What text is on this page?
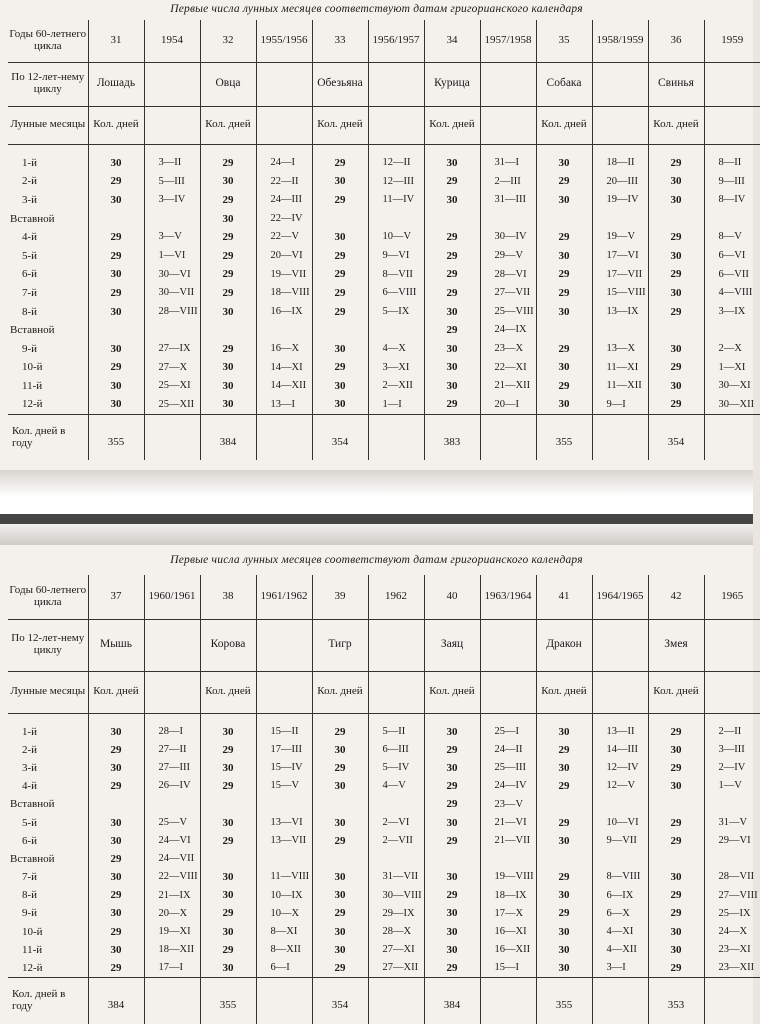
Первые числа лунных месяцев соответствуют датам григорианского календаря
Годы 60-летнего цикла	31	1954	32	1955/1956	33	1956/1957	34	1957/1958	35	1958/1959	36	1959
По 12-лет-нему циклу	Лошадь		Овца		Обезьяна		Курица		Собака		Свинья	
Лунные месяцы	Кол. дней		Кол. дней		Кол. дней		Кол. дней		Кол. дней		Кол. дней	

1-й	30	3—II	29	24—I	29	12—II	30	31—I	30	18—II	29	8—II
2-й	29	5—III	30	22—II	30	12—III	29	2—III	29	20—III	30	9—III
3-й	30	3—IV	29	24—III	29	11—IV	30	31—III	30	19—IV	30	8—IV
Вставной			30	22—IV								
4-й	29	3—V	29	22—V	30	10—V	29	30—IV	29	19—V	29	8—V
5-й	29	1—VI	29	20—VI	29	9—VI	29	29—V	30	17—VI	30	6—VI
6-й	30	30—VI	29	19—VII	29	8—VII	29	28—VI	29	17—VII	29	6—VII
7-й	29	30—VII	29	18—VIII	29	6—VIII	29	27—VII	29	15—VIII	30	4—VIII
8-й	30	28—VIII	30	16—IX	29	5—IX	30	25—VIII	30	13—IX	29	3—IX
Вставной							29	24—IX				
9-й	30	27—IX	29	16—X	30	4—X	30	23—X	29	13—X	30	2—X
10-й	29	27—X	30	14—XI	29	3—XI	30	22—XI	30	11—XI	29	1—XI
11-й	30	25—XI	30	14—XII	30	2—XII	30	21—XII	29	11—XII	30	30—XI
12-й	30	25—XII	30	13—I	30	1—I	29	20—I	30	9—I	29	30—XII
Кол. дней в году	355		384		354		383		355		354	
Первые числа лунных месяцев соответствуют датам григорианского календаря
Годы 60-летнего цикла	37	1960/1961	38	1961/1962	39	1962	40	1963/1964	41	1964/1965	42	1965
По 12-лет-нему циклу	Мышь		Корова		Тигр		Заяц		Дракон		Змея	
Лунные месяцы	Кол. дней		Кол. дней		Кол. дней		Кол. дней		Кол. дней		Кол. дней	

1-й	30	28—I	30	15—II	29	5—II	30	25—I	30	13—II	29	2—II
2-й	29	27—II	29	17—III	30	6—III	29	24—II	29	14—III	30	3—III
3-й	30	27—III	30	15—IV	29	5—IV	30	25—III	30	12—IV	29	2—IV
4-й	29	26—IV	29	15—V	30	4—V	29	24—IV	29	12—V	30	1—V
Вставной							29	23—V				
5-й	30	25—V	30	13—VI	30	2—VI	30	21—VI	29	10—VI	29	31—V
6-й	30	24—VI	29	13—VII	29	2—VII	29	21—VII	30	9—VII	29	29—VI
Вставной	29	24—VII										
7-й	30	22—VIII	30	11—VIII	30	31—VII	30	19—VIII	29	8—VIII	30	28—VII
8-й	29	21—IX	30	10—IX	30	30—VIII	29	18—IX	30	6—IX	29	27—VIII
9-й	30	20—X	29	10—X	29	29—IX	30	17—X	29	6—X	29	25—IX
10-й	29	19—XI	30	8—XI	30	28—X	30	16—XI	30	4—XI	30	24—X
11-й	30	18—XII	29	8—XII	30	27—XI	30	16—XII	30	4—XII	30	23—XI
12-й	29	17—I	30	6—I	29	27—XII	29	15—I	30	3—I	29	23—XII
Кол. дней в году	384		355		354		384		355		353	
